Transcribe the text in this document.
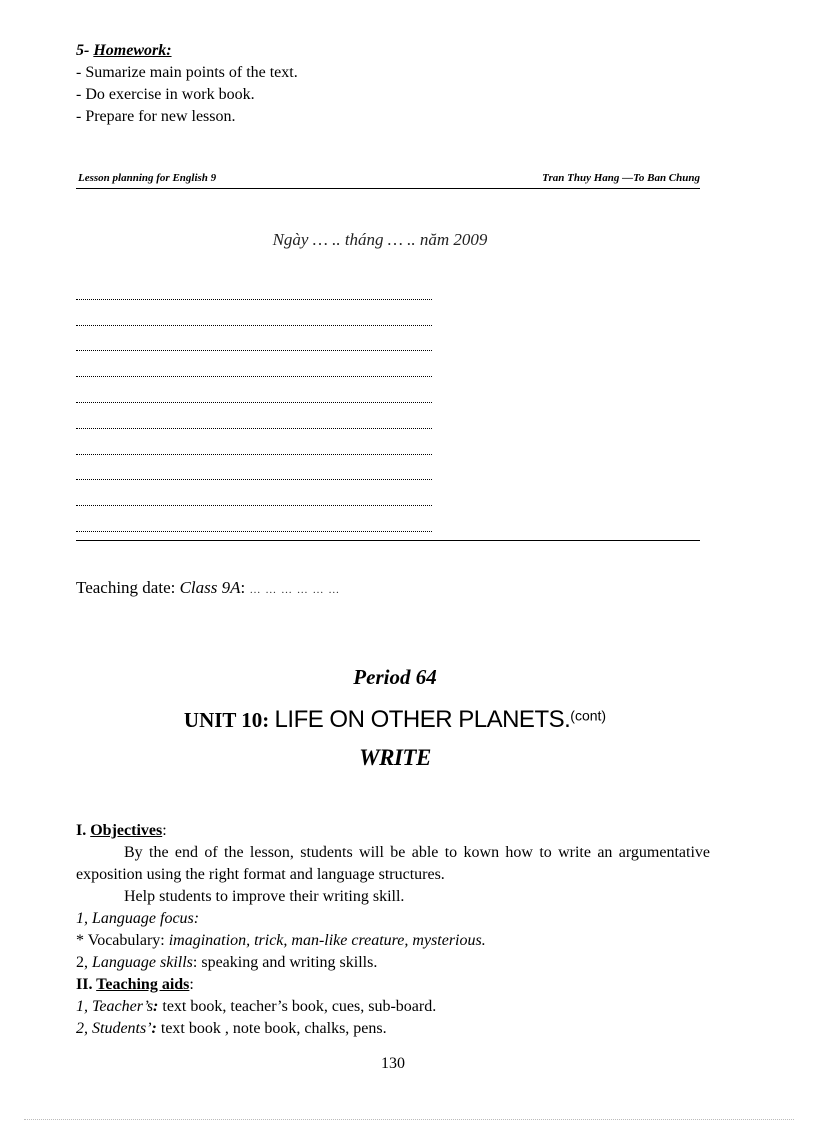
5- Homework:
- Sumarize main points of the text.
- Do exercise in work book.
- Prepare for new lesson.
Lesson planning for English 9	Tran Thuy Hang —To Ban Chung
Ngày … .. tháng … .. năm 2009
Teaching date: Class 9A: … … … … … …
Period 64
UNIT 10: LIFE ON OTHER PLANETS.(cont)
WRITE

I. Objectives:

By the end of the lesson, students will be able to kown how to write an argumentative exposition using the right format and language structures.

Help students to improve their writing skill.

1, Language focus:

* Vocabulary: imagination, trick, man-like creature, mysterious.

2, Language skills: speaking and writing skills.

II. Teaching aids:

1, Teacher’s: text book, teacher’s book, cues, sub-board.

2, Students’: text book , note book, chalks, pens.

130
